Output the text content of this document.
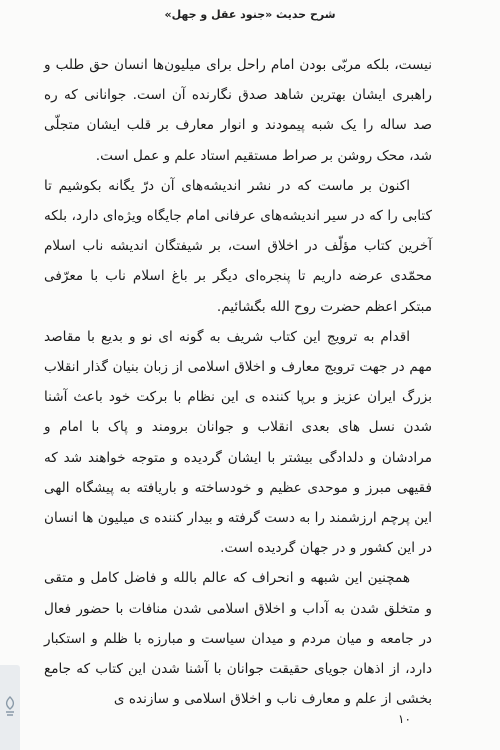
شرح حدیث «جنود عقل و جهل»

نیست، بلکه مربّی بودن امام راحل برای میلیون‌ها انسان حق طلب و راهبری ایشان بهترین شاهد صدق نگارنده آن است. جوانانی که ره صد ساله را یک شبه پیمودند و انوار معارف بر قلب ایشان متجلّی شد، محک روشن بر صراط مستقیم استاد علم و عمل است.

اکنون بر ماست که در نشر اندیشه‌های آن درّ یگانه بکوشیم تا کتابی را که در سیر اندیشه‌های عرفانی امام جایگاه ویژه‌ای دارد، بلکه آخرین کتاب مؤلّف در اخلاق است، بر شیفتگان اندیشه ناب اسلام محمّدی عرضه داریم تا پنجره‌ای دیگر بر باغ اسلام ناب با معرّفی مبتکر اعظم حضرت روح الله بگشائیم.

اقدام به ترویج این کتاب شریف به گونه ای نو و بدیع با مقاصد مهم در جهت ترویج معارف و اخلاق اسلامی از زبان بنیان گذار انقلاب بزرگ ایران عزیز و برپا کننده ی این نظام با برکت خود باعث آشنا شدن نسل های بعدی انقلاب و جوانان برومند و پاک با امام و مرادشان و دلدادگی بیشتر با ایشان گردیده و متوجه خواهند شد که فقیهی مبرز و موحدی عظیم و خودساخته و باریافته به پیشگاه الهی این پرچم ارزشمند را به دست گرفته و بیدار کننده ی میلیون ها انسان در این کشور و در جهان گردیده است.

همچنین این شبهه و انحراف که عالم بالله و فاضل کامل و متقی و متخلق شدن به آداب و اخلاق اسلامی شدن منافات با حضور فعال در جامعه و میان مردم و میدان سیاست و مبارزه با ظلم و استکبار دارد، از اذهان جویای حقیقت جوانان با آشنا شدن این کتاب که جامع بخشی از علم و معارف ناب و اخلاق اسلامی و سازنده ی

۱۰
